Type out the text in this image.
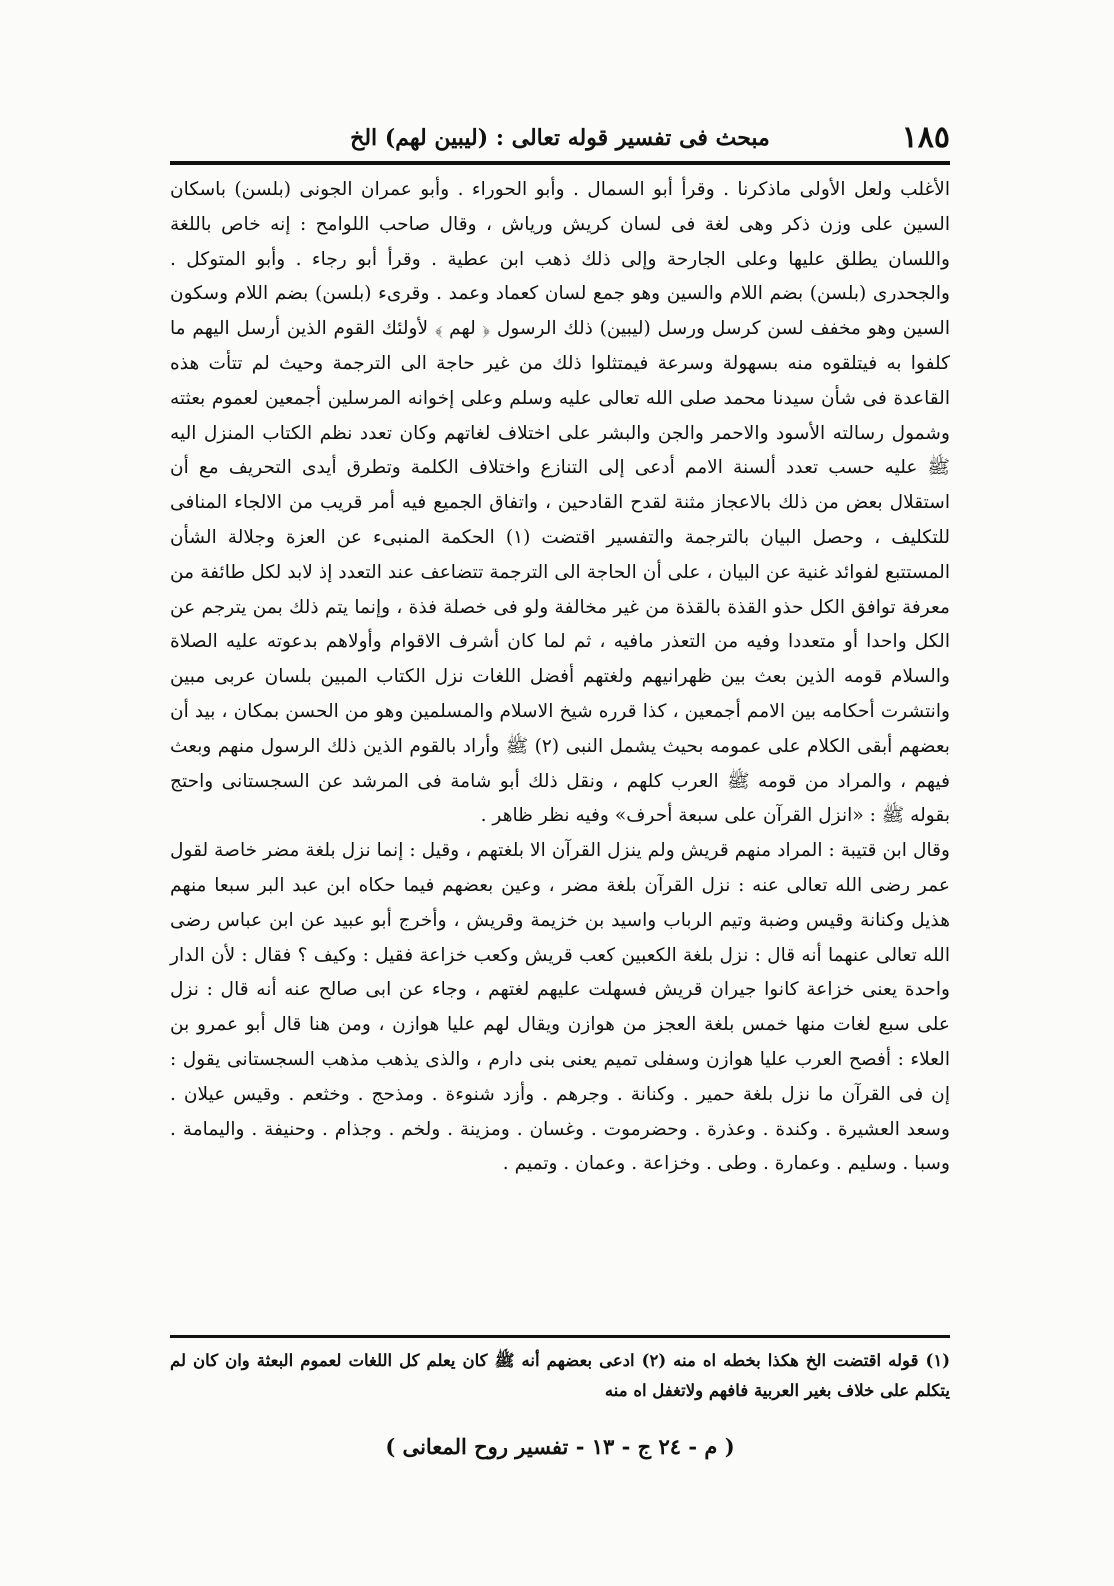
١٨٥
مبحث فى تفسير قوله تعالى : (ليبين لهم) الخ

الأغلب ولعل الأولى ماذكرنا . وقرأ أبو السمال . وأبو الحوراء . وأبو عمران الجونى (بلسن) باسكان السين على وزن ذكر وهى لغة فى لسان كريش ورياش ، وقال صاحب اللوامح : إنه خاص باللغة واللسان يطلق عليها وعلى الجارحة وإلى ذلك ذهب ابن عطية . وقرأ أبو رجاء . وأبو المتوكل . والجحدرى (بلسن) بضم اللام والسين وهو جمع لسان كعماد وعمد . وقرىء (بلسن) بضم اللام وسكون السين وهو مخفف لسن كرسل ورسل (ليبين) ذلك الرسول ﴿ لهم ﴾ لأولئك القوم الذين أرسل اليهم ما كلفوا به فيتلقوه منه بسهولة وسرعة فيمتثلوا ذلك من غير حاجة الى الترجمة وحيث لم تتأت هذه القاعدة فى شأن سيدنا محمد صلى الله تعالى عليه وسلم وعلى إخوانه المرسلين أجمعين لعموم بعثته وشمول رسالته الأسود والاحمر والجن والبشر على اختلاف لغاتهم وكان تعدد نظم الكتاب المنزل اليه ﷺ عليه حسب تعدد ألسنة الامم أدعى إلى التنازع واختلاف الكلمة وتطرق أيدى التحريف مع أن استقلال بعض من ذلك بالاعجاز مثنة لقدح القادحين ، واتفاق الجميع فيه أمر قريب من الالجاء المنافى للتكليف ، وحصل البيان بالترجمة والتفسير اقتضت (١) الحكمة المنبىء عن العزة وجلالة الشأن المستتبع لفوائد غنية عن البيان ، على أن الحاجة الى الترجمة تتضاعف عند التعدد إذ لابد لكل طائفة من معرفة توافق الكل حذو القذة بالقذة من غير مخالفة ولو فى خصلة فذة ، وإنما يتم ذلك بمن يترجم عن الكل واحدا أو متعددا وفيه من التعذر مافيه ، ثم لما كان أشرف الاقوام وأولاهم بدعوته عليه الصلاة والسلام قومه الذين بعث بين ظهرانيهم ولغتهم أفضل اللغات نزل الكتاب المبين بلسان عربى مبين وانتشرت أحكامه بين الامم أجمعين ، كذا قرره شيخ الاسلام والمسلمين وهو من الحسن بمكان ، بيد أن بعضهم أبقى الكلام على عمومه بحيث يشمل النبى (٢) ﷺ وأراد بالقوم الذين ذلك الرسول منهم وبعث فيهم ، والمراد من قومه ﷺ العرب كلهم ، ونقل ذلك أبو شامة فى المرشد عن السجستانى واحتج بقوله ﷺ : «انزل القرآن على سبعة أحرف» وفيه نظر ظاهر .

وقال ابن قتيبة : المراد منهم قريش ولم ينزل القرآن الا بلغتهم ، وقيل : إنما نزل بلغة مضر خاصة لقول عمر رضى الله تعالى عنه : نزل القرآن بلغة مضر ، وعين بعضهم فيما حكاه ابن عبد البر سبعا منهم هذيل وكنانة وقيس وضبة وتيم الرباب واسيد بن خزيمة وقريش ، وأخرج أبو عبيد عن ابن عباس رضى الله تعالى عنهما أنه قال : نزل بلغة الكعبين كعب قريش وكعب خزاعة فقيل : وكيف ؟ فقال : لأن الدار واحدة يعنى خزاعة كانوا جيران قريش فسهلت عليهم لغتهم ، وجاء عن ابى صالح عنه أنه قال : نزل على سبع لغات منها خمس بلغة العجز من هوازن ويقال لهم عليا هوازن ، ومن هنا قال أبو عمرو بن العلاء : أفصح العرب عليا هوازن وسفلى تميم يعنى بنى دارم ، والذى يذهب مذهب السجستانى يقول : إن فى القرآن ما نزل بلغة حمير . وكنانة . وجرهم . وأزد شنوءة . ومذحج . وخثعم . وقيس عيلان . وسعد العشيرة . وكندة . وعذرة . وحضرموت . وغسان . ومزينة . ولخم . وجذام . وحنيفة . واليمامة . وسبا . وسليم . وعمارة . وطى . وخزاعة . وعمان . وتميم .

(١) قوله اقتضت الخ هكذا بخطه اه منه (٢) ادعى بعضهم أنه ﷺ كان يعلم كل اللغات لعموم البعثة وان كان لم يتكلم على خلاف بغير العربية فافهم ولاتغفل اه منه

( م - ٢٤ ج - ١٣ - تفسير روح المعانى )
